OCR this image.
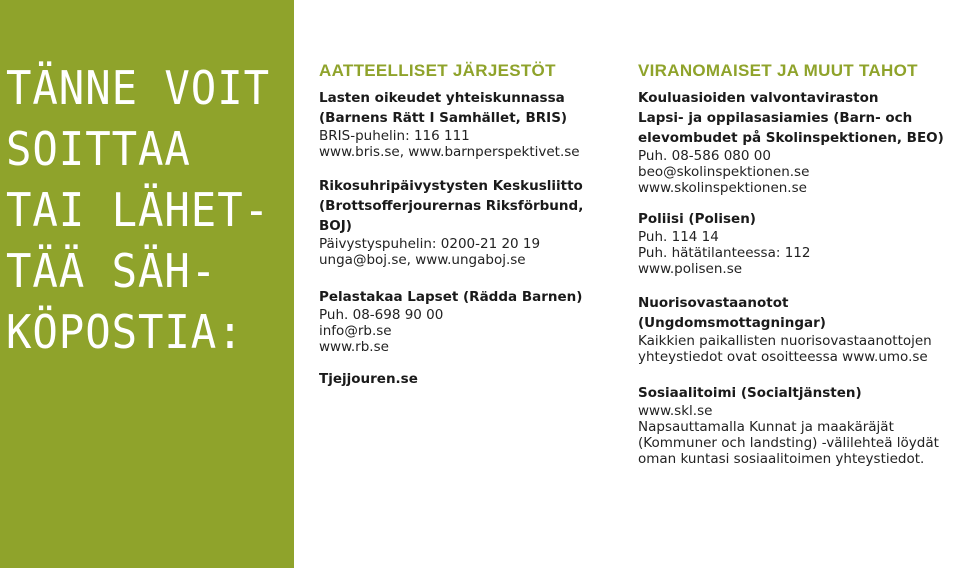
TÄNNE VOIT
SOITTAA
TAI LÄHET-
TÄÄ SÄH-
KÖPOSTIA:
AATTEELLISET JÄRJESTÖT
Lasten oikeudet yhteiskunnassa
(Barnens Rätt I Samhället, BRIS)
BRIS-puhelin: 116 111
www.bris.se, www.barnperspektivet.se
Rikosuhripäivystysten Keskusliitto
(Brottsofferjourernas Riksförbund,
BOJ)
Päivystyspuhelin: 0200-21 20 19
unga@boj.se, www.ungaboj.se
Pelastakaa Lapset (Rädda Barnen)
Puh. 08-698 90 00
info@rb.se
www.rb.se
Tjejjouren.se
VIRANOMAISET JA MUUT TAHOT
Kouluasioiden valvontaviraston
Lapsi- ja oppilasasiamies (Barn- och
elevombudet på Skolinspektionen, BEO)
Puh. 08-586 080 00
beo@skolinspektionen.se
www.skolinspektionen.se
Poliisi (Polisen)
Puh. 114 14
Puh. hätätilanteessa: 112
www.polisen.se
Nuorisovastaanotot
(Ungdomsmottagningar)
Kaikkien paikallisten nuorisovastaanottojen
yhteystiedot ovat osoitteessa www.umo.se
Sosiaalitoimi (Socialtjänsten)
www.skl.se
Napsauttamalla Kunnat ja maakäräjät
(Kommuner och landsting) -välilehteä löydät
oman kuntasi sosiaalitoimen yhteystiedot.
